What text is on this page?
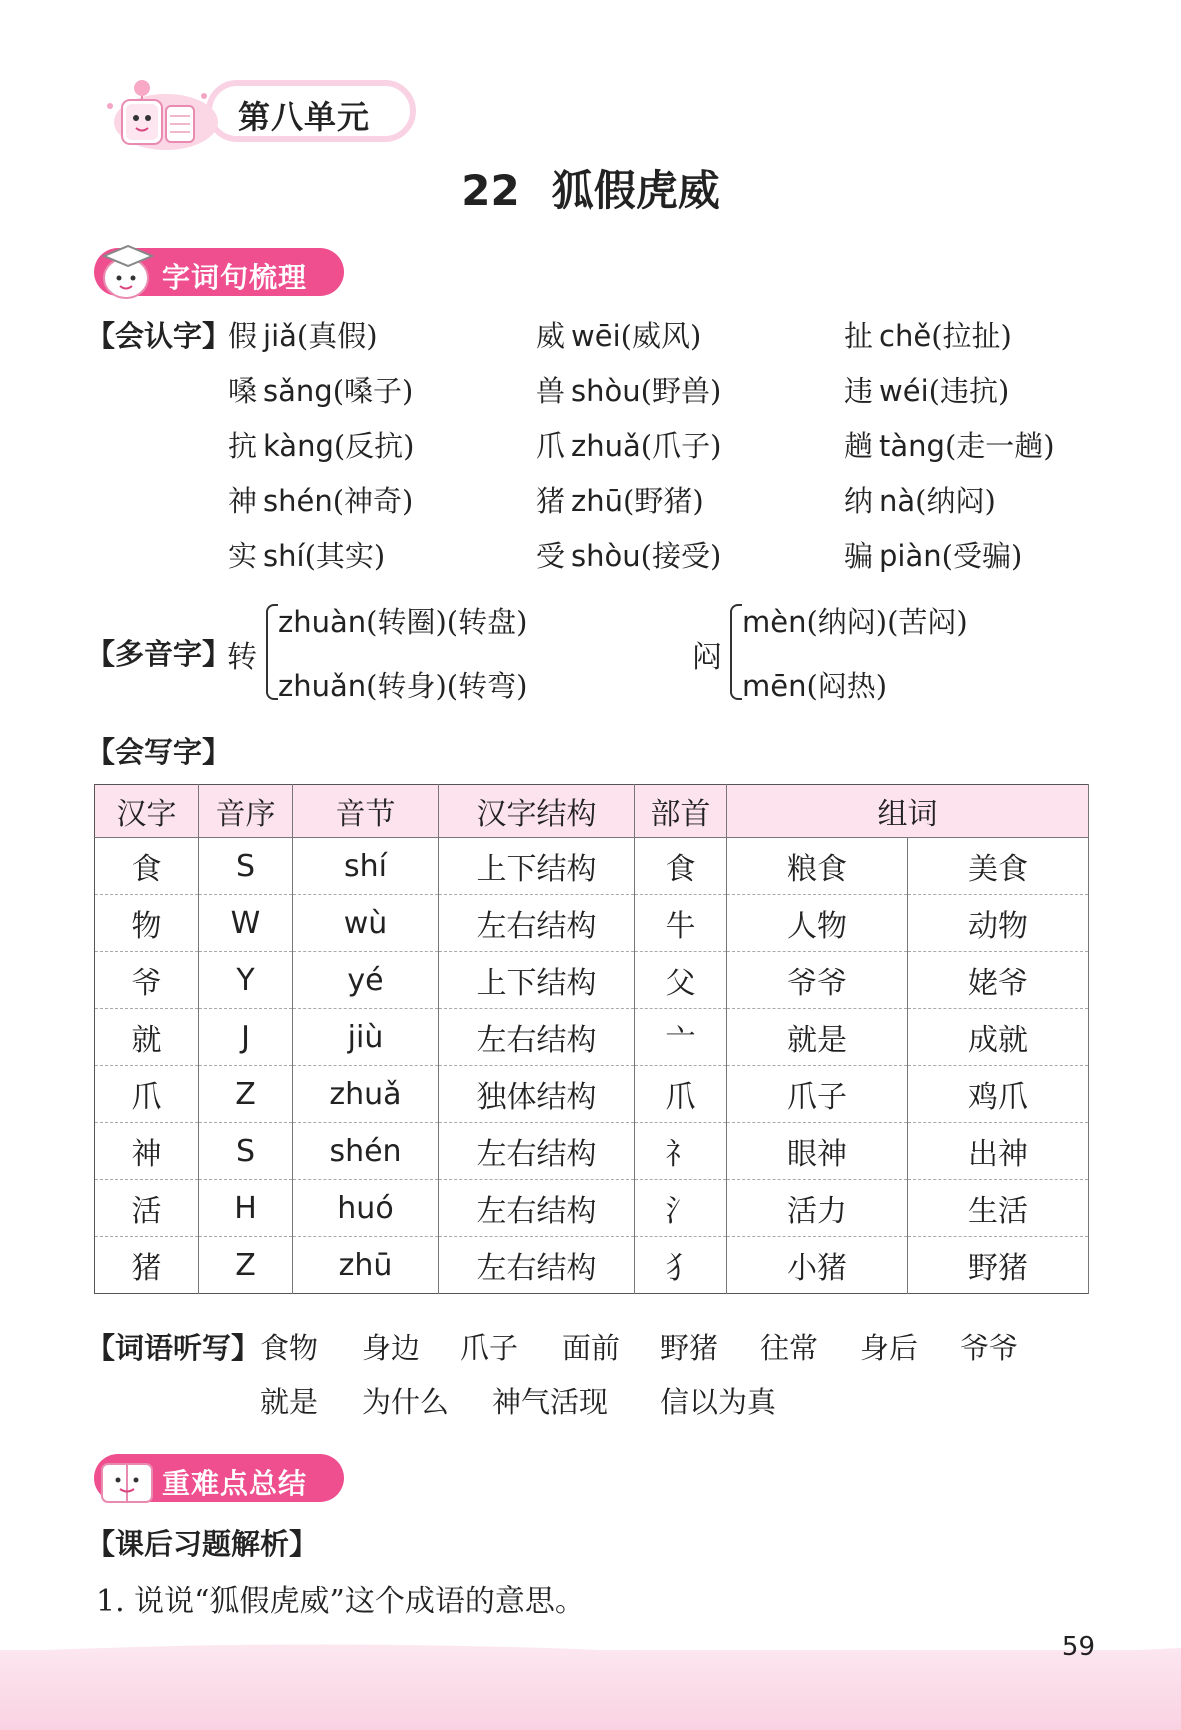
第八单元
22 狐假虎威
字词句梳理
【会认字】
假 jiǎ(真假)	威 wēi(威风)	扯 chě(拉扯)
嗓 sǎng(嗓子)	兽 shòu(野兽)	违 wéi(违抗)
抗 kàng(反抗)	爪 zhuǎ(爪子)	趟 tàng(走一趟)
神 shén(神奇)	猪 zhū(野猪)	纳 nà(纳闷)
实 shí(其实)	受 shòu(接受)	骗 piàn(受骗)
【多音字】
转
zhuàn(转圈)(转盘)
zhuǎn(转身)(转弯)
闷
mèn(纳闷)(苦闷)
mēn(闷热)
【会写字】
汉字	音序	音节	汉字结构	部首	组词	
食	S	shí	上下结构	食	粮食	美食
物	W	wù	左右结构	牛	人物	动物
爷	Y	yé	上下结构	父	爷爷	姥爷
就	J	jiù	左右结构	亠	就是	成就
爪	Z	zhuǎ	独体结构	爪	爪子	鸡爪
神	S	shén	左右结构	礻	眼神	出神
活	H	huó	左右结构	氵	活力	生活
猪	Z	zhū	左右结构	犭	小猪	野猪
【词语听写】 食物 身边 爪子 面前 野猪 往常 身后 爷爷
就是 为什么 神气活现 信以为真
重难点总结
【课后习题解析】
1. 说说“狐假虎威”这个成语的意思。
59
